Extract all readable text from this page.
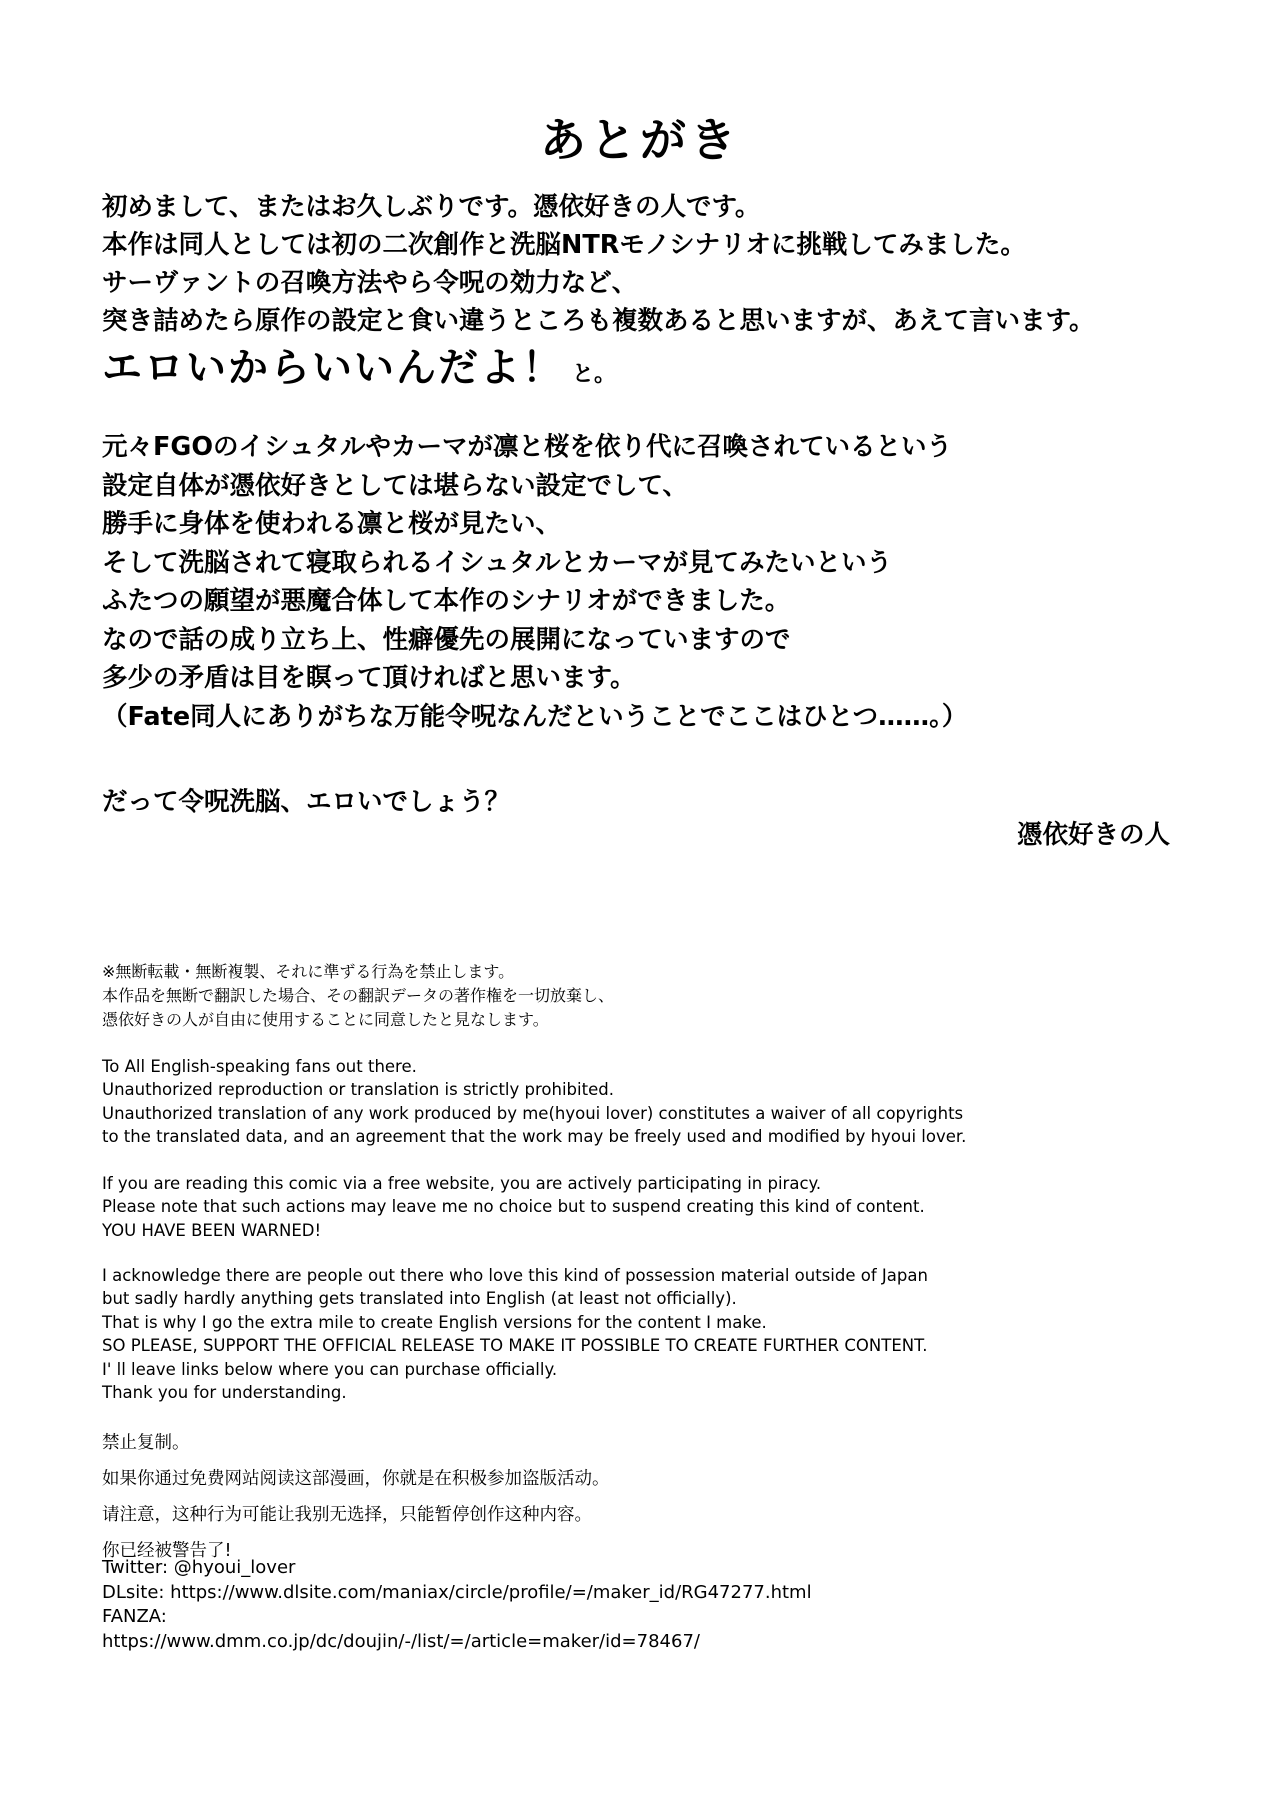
あとがき
初めまして、またはお久しぶりです。憑依好きの人です。
本作は同人としては初の二次創作と洗脳NTRモノシナリオに挑戦してみました。
サーヴァントの召喚方法やら令呪の効力など、
突き詰めたら原作の設定と食い違うところも複数あると思いますが、あえて言います。
エロいからいいんだよ！ と。
元々FGOのイシュタルやカーマが凛と桜を依り代に召喚されているという
設定自体が憑依好きとしては堪らない設定でして、
勝手に身体を使われる凛と桜が見たい、
そして洗脳されて寝取られるイシュタルとカーマが見てみたいという
ふたつの願望が悪魔合体して本作のシナリオができました。
なので話の成り立ち上、性癖優先の展開になっていますので
多少の矛盾は目を瞑って頂ければと思います。
（Fate同人にありがちな万能令呪なんだということでここはひとつ……。）
だって令呪洗脳、エロいでしょう？
憑依好きの人
※無断転載・無断複製、それに準ずる行為を禁止します。
本作品を無断で翻訳した場合、その翻訳データの著作権を一切放棄し、
憑依好きの人が自由に使用することに同意したと見なします。
To All English-speaking fans out there.
Unauthorized reproduction or translation is strictly prohibited.
Unauthorized translation of any work produced by me(hyoui lover) constitutes a waiver of all copyrights
to the translated data, and an agreement that the work may be freely used and modified by hyoui lover.
If you are reading this comic via a free website, you are actively participating in piracy.
Please note that such actions may leave me no choice but to suspend creating this kind of content.
YOU HAVE BEEN WARNED!
I acknowledge there are people out there who love this kind of possession material outside of Japan
but sadly hardly anything gets translated into English (at least not officially).
That is why I go the extra mile to create English versions for the content I make.
SO PLEASE, SUPPORT THE OFFICIAL RELEASE TO MAKE IT POSSIBLE TO CREATE FURTHER CONTENT.
I' ll leave links below where you can purchase officially.
Thank you for understanding.
禁止复制。
如果你通过免费网站阅读这部漫画，你就是在积极参加盗版活动。
请注意，这种行为可能让我别无选择，只能暂停创作这种内容。
你已经被警告了!
Twitter: @hyoui_lover
DLsite: https://www.dlsite.com/maniax/circle/profile/=/maker_id/RG47277.html
FANZA:
https://www.dmm.co.jp/dc/doujin/-/list/=/article=maker/id=78467/
